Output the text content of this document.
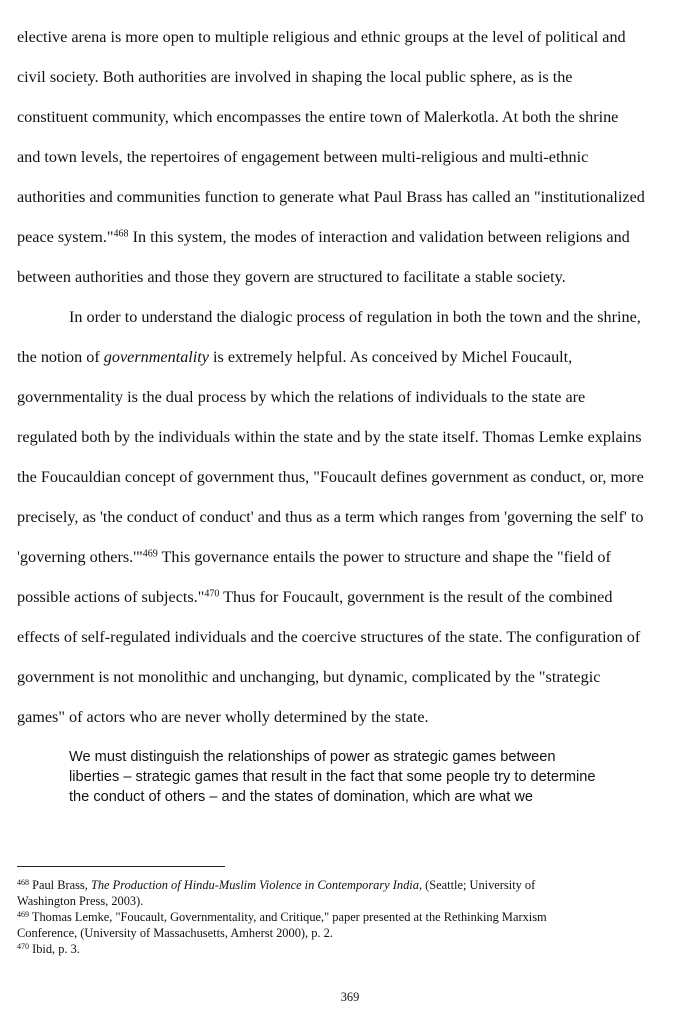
elective arena is more open to multiple religious and ethnic groups at the level of political and
civil society. Both authorities are involved in shaping the local public sphere, as is the
constituent community, which encompasses the entire town of Malerkotla. At both the shrine
and town levels, the repertoires of engagement between multi-religious and multi-ethnic
authorities and communities function to generate what Paul Brass has called an "institutionalized
peace system."$^{468}$ In this system, the modes of interaction and validation between religions and
between authorities and those they govern are structured to facilitate a stable society.
In order to understand the dialogic process of regulation in both the town and the shrine,
the notion of governmentality is extremely helpful. As conceived by Michel Foucault,
governmentality is the dual process by which the relations of individuals to the state are
regulated both by the individuals within the state and by the state itself. Thomas Lemke explains
the Foucauldian concept of government thus, "Foucault defines government as conduct, or, more
precisely, as 'the conduct of conduct' and thus as a term which ranges from 'governing the self' to
'governing others.'"$^{469}$ This governance entails the power to structure and shape the "field of
possible actions of subjects."$^{470}$ Thus for Foucault, government is the result of the combined
effects of self-regulated individuals and the coercive structures of the state. The configuration of
government is not monolithic and unchanging, but dynamic, complicated by the "strategic
games" of actors who are never wholly determined by the state.
We must distinguish the relationships of power as strategic games between
liberties – strategic games that result in the fact that some people try to determine
the conduct of others – and the states of domination, which are what we
$^{468}$ Paul Brass, The Production of Hindu-Muslim Violence in Contemporary India, (Seattle; University of
Washington Press, 2003).
$^{469}$ Thomas Lemke, "Foucault, Governmentality, and Critique," paper presented at the Rethinking Marxism
Conference, (University of Massachusetts, Amherst 2000), p. 2.
$^{470}$ Ibid, p. 3.
369
